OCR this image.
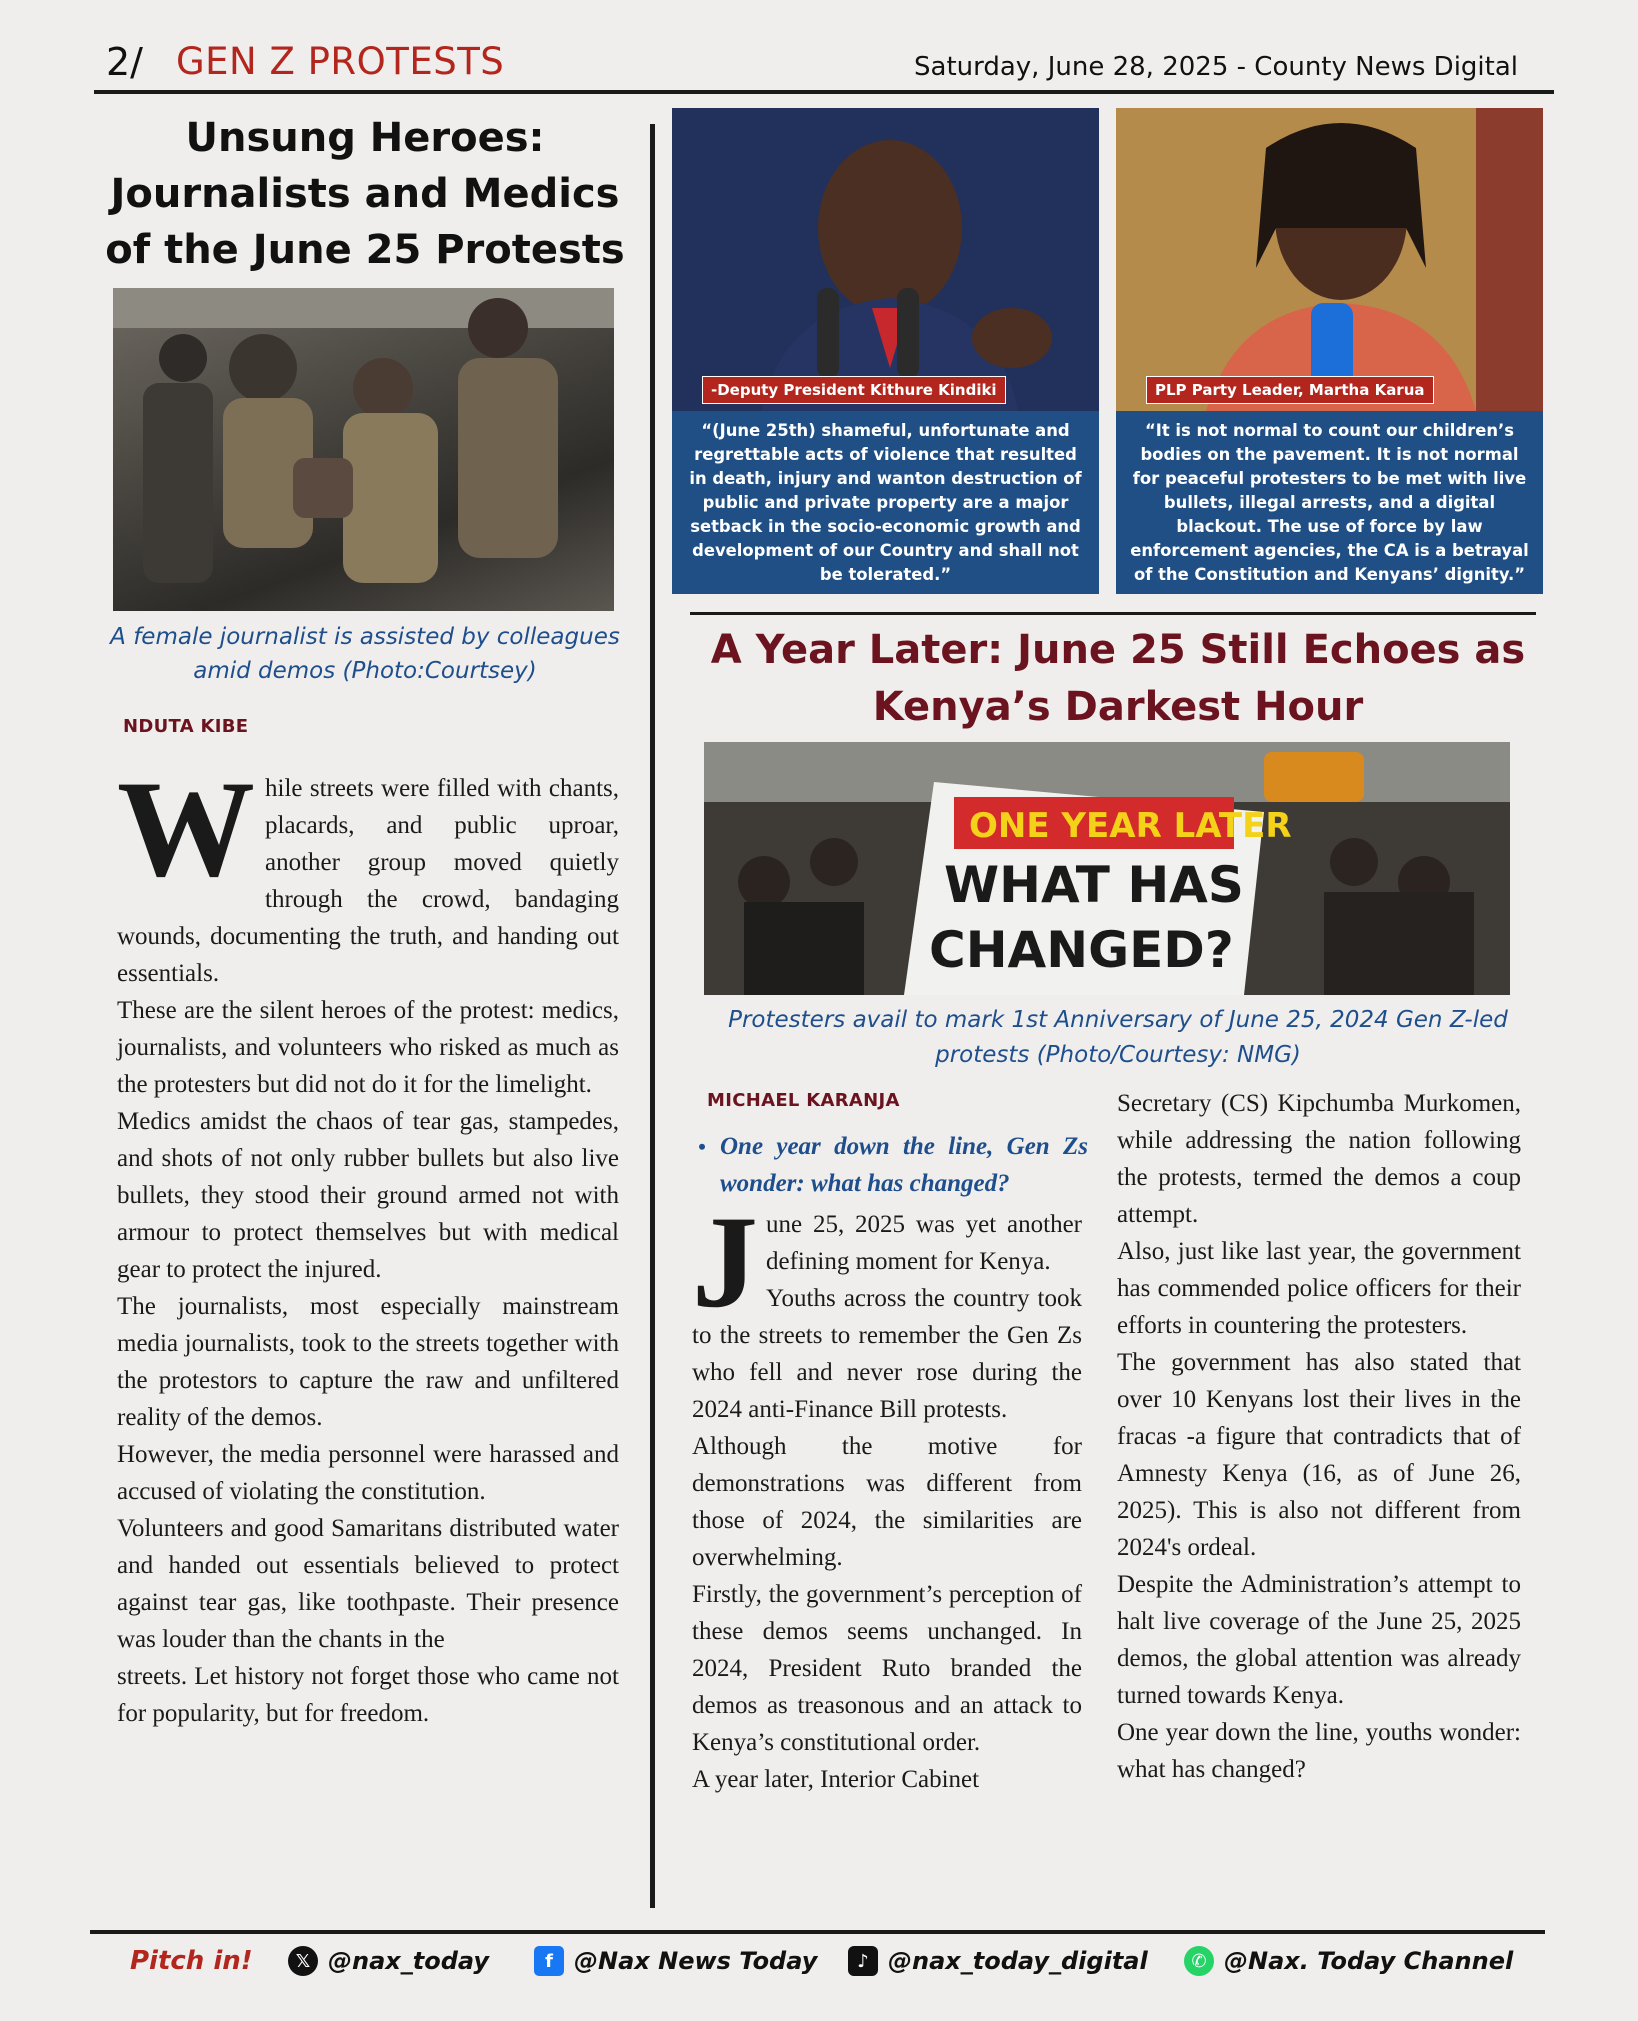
2/ GEN Z PROTESTS	Saturday, June 28, 2025 - County News Digital
Unsung Heroes: Journalists and Medics of the June 25 Protests

A female journalist is assisted by colleagues amid demos (Photo:Courtsey)

NDUTA KIBE

While streets were filled with chants, placards, and public uproar, another group moved quietly through the crowd, bandaging wounds, documenting the truth, and handing out essentials.

These are the silent heroes of the protest: medics, journalists, and volunteers who risked as much as the protesters but did not do it for the limelight.

Medics amidst the chaos of tear gas, stampedes, and shots of not only rubber bullets but also live bullets, they stood their ground armed not with armour to protect themselves but with medical gear to protect the injured.

The journalists, most especially mainstream media journalists, took to the streets together with the protestors to capture the raw and unfiltered reality of the demos.

However, the media personnel were harassed and accused of violating the constitution.

Volunteers and good Samaritans distributed water and handed out essentials believed to protect against tear gas, like toothpaste. Their presence was louder than the chants in the

streets. Let history not forget those who came not for popularity, but for freedom.

-Deputy President Kithure Kindiki
“(June 25th) shameful, unfortunate and regrettable acts of violence that resulted in death, injury and wanton destruction of public and private property are a major setback in the socio-economic growth and development of our Country and shall not be tolerated.”
PLP Party Leader, Martha Karua
“It is not normal to count our children’s bodies on the pavement. It is not normal for peaceful protesters to be met with live bullets, illegal arrests, and a digital blackout. The use of force by law enforcement agencies, the CA is a betrayal of the Constitution and Kenyans’ dignity.”
A Year Later: June 25 Still Echoes as Kenya’s Darkest Hour
ONE YEAR LATER
WHAT HAS
CHANGED?

Protesters avail to mark 1st Anniversary of June 25, 2024 Gen Z-led protests (Photo/Courtesy: NMG)

MICHAEL KARANJA
• One year down the line, Gen Zs wonder: what has changed?

June 25, 2025 was yet another defining moment for Kenya.

Youths across the country took to the streets to remember the Gen Zs who fell and never rose during the 2024 anti-Finance Bill protests.

Although the motive for demonstrations was different from those of 2024, the similarities are overwhelming.

Firstly, the government’s perception of these demos seems unchanged. In 2024, President Ruto branded the demos as treasonous and an attack to Kenya’s constitutional order.

A year later, Interior Cabinet

Secretary (CS) Kipchumba Murkomen, while addressing the nation following the protests, termed the demos a coup attempt.

Also, just like last year, the government has commended police officers for their efforts in countering the protesters.

The government has also stated that over 10 Kenyans lost their lives in the fracas -a figure that contradicts that of Amnesty Kenya (16, as of June 26, 2025). This is also not different from 2024's ordeal.

Despite the Administration’s attempt to halt live coverage of the June 25, 2025 demos, the global attention was already turned towards Kenya.

One year down the line, youths wonder: what has changed?

Pitch in!	𝕏 @nax_today	f @Nax News Today	♪ @nax_today_digital	✆ @Nax. Today Channel
